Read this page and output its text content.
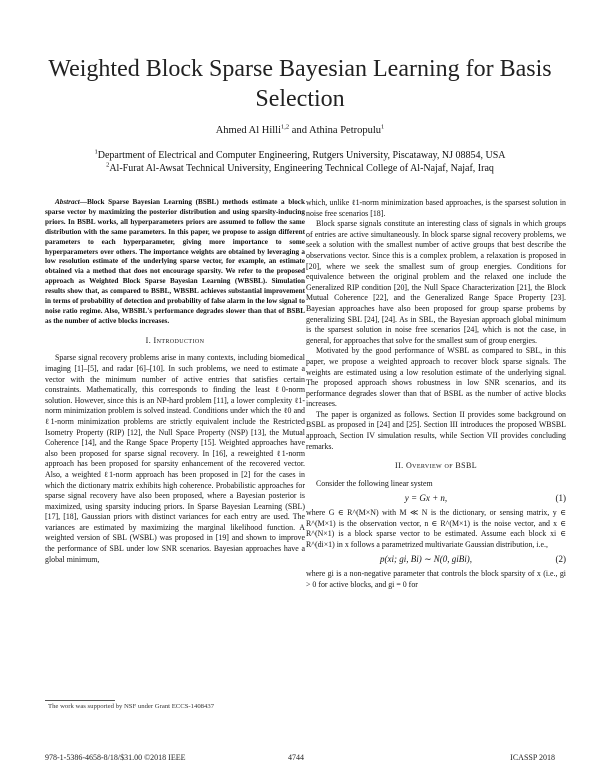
Weighted Block Sparse Bayesian Learning for Basis Selection
Ahmed Al Hilli$^{1,2}$ and Athina Petropulu$^1$
$^1$Department of Electrical and Computer Engineering, Rutgers University, Piscataway, NJ 08854, USA
$^2$Al-Furat Al-Awsat Technical University, Engineering Technical College of Al-Najaf, Najaf, Iraq

Abstract—Block Sparse Bayesian Learning (BSBL) methods estimate a block sparse vector by maximizing the posterior distribution and using sparsity-inducing priors. In BSBL works, all hyperparameters priors are assumed to follow the same distribution with the same parameters. In this paper, we propose to assign different parameters to each hyperparameter, giving more importance to some hyperparameters over others. The importance weights are obtained by leveraging a low resolution estimate of the underlying sparse vector, for example, an estimate obtained via a method that does not encourage sparsity. We refer to the proposed approach as Weighted Block Sparse Bayesian Learning (WBSBL). Simulation results show that, as compared to BSBL, WBSBL achieves substantial improvement in terms of probability of detection and probability of false alarm in the low signal to noise ratio regime. Also, WBSBL's performance degrades slower than that of BSBL as the number of active blocks increases.

I. Introduction

Sparse signal recovery problems arise in many contexts, including biomedical imaging [1]–[5], and radar [6]–[10]. In such problems, we need to estimate a vector with the minimum number of active entries that satisfies certain constraints. Mathematically, this corresponds to finding the least ℓ0-norm solution. However, since this is an NP-hard problem [11], a lower complexity ℓ1-norm minimization problem is solved instead. Conditions under which the ℓ0 and ℓ1-norm minimization problems are strictly equivalent include the Restricted Isometry Property (RIP) [12], the Null Space Property (NSP) [13], the Mutual Coherence [14], and the Range Space Property [15]. Weighted approaches have also been proposed for sparse signal recovery. In [16], a reweighted ℓ1-norm approach has been proposed for sparsity enhancement of the recovered vector. Also, a weighted ℓ1-norm approach has been proposed in [2] for the cases in which the dictionary matrix exhibits high coherence. Probabilistic approaches for sparse signal recovery have also been proposed, where a Bayesian posterior is maximized, using sparsity inducing priors. In Sparse Bayesian Learning (SBL) [17], [18], Gaussian priors with distinct variances for each entry are used. The variances are estimated by maximizing the marginal likelihood function. A weighted version of SBL (WSBL) was proposed in [19] and shown to improve the performance of SBL under low SNR scenarios. Bayesian approaches have a global minimum,

which, unlike ℓ1-norm minimization based approaches, is the sparsest solution in noise free scenarios [18].

Block sparse signals constitute an interesting class of signals in which groups of entries are active simultaneously. In block sparse signal recovery problems, we seek a solution with the smallest number of active groups that best describe the observations vector. Since this is a complex problem, a relaxation is proposed in [20], where we seek the smallest sum of group energies. Conditions for equivalence between the original problem and the relaxed one include the Generalized RIP condition [20], the Null Space Characterization [21], the Block Mutual Coherence [22], and the Generalized Range Space Property [23]. Bayesian approaches have also been proposed for group sparse probems by generalizing SBL [24], [24]. As in SBL, the Bayesian approach global minimum is the sparsest solution in noise free scenarios [24], which is not the case, in general, for approaches that solve for the smallest sum of group energies.

Motivated by the good performance of WSBL as compared to SBL, in this paper, we propose a weighted approach to recover block sparse signals. The weights are estimated using a low resolution estimate of the underlying signal. The proposed approach shows robustness in low SNR scenarios, and its performance degrades slower than that of BSBL as the number of active blocks increases.

The paper is organized as follows. Section II provides some background on BSBL as proposed in [24] and [25]. Section III introduces the proposed WBSBL approach, Section IV simulation results, while Section VII provides concluding remarks.

II. Overview of BSBL

Consider the following linear system

y = Gx + n,	(1)

where G ∈ R^(M×N) with M ≪ N is the dictionary, or sensing matrix, y ∈ R^(M×1) is the observation vector, n ∈ R^(M×1) is the noise vector, and x ∈ R^(N×1) is a block sparse vector to be estimated. Assume each block xi ∈ R^(di×1) in x follows a parametrized multivariate Gaussian distribution, i.e.,

p(xi; gi, Bi) ∼ N(0, giBi),	(2)

where gi is a non-negative parameter that controls the block sparsity of x (i.e., gi > 0 for active blocks, and gi = 0 for

The work was supported by NSF under Grant ECCS-1408437
978-1-5386-4658-8/18/$31.00 ©2018 IEEE	4744	ICASSP 2018
